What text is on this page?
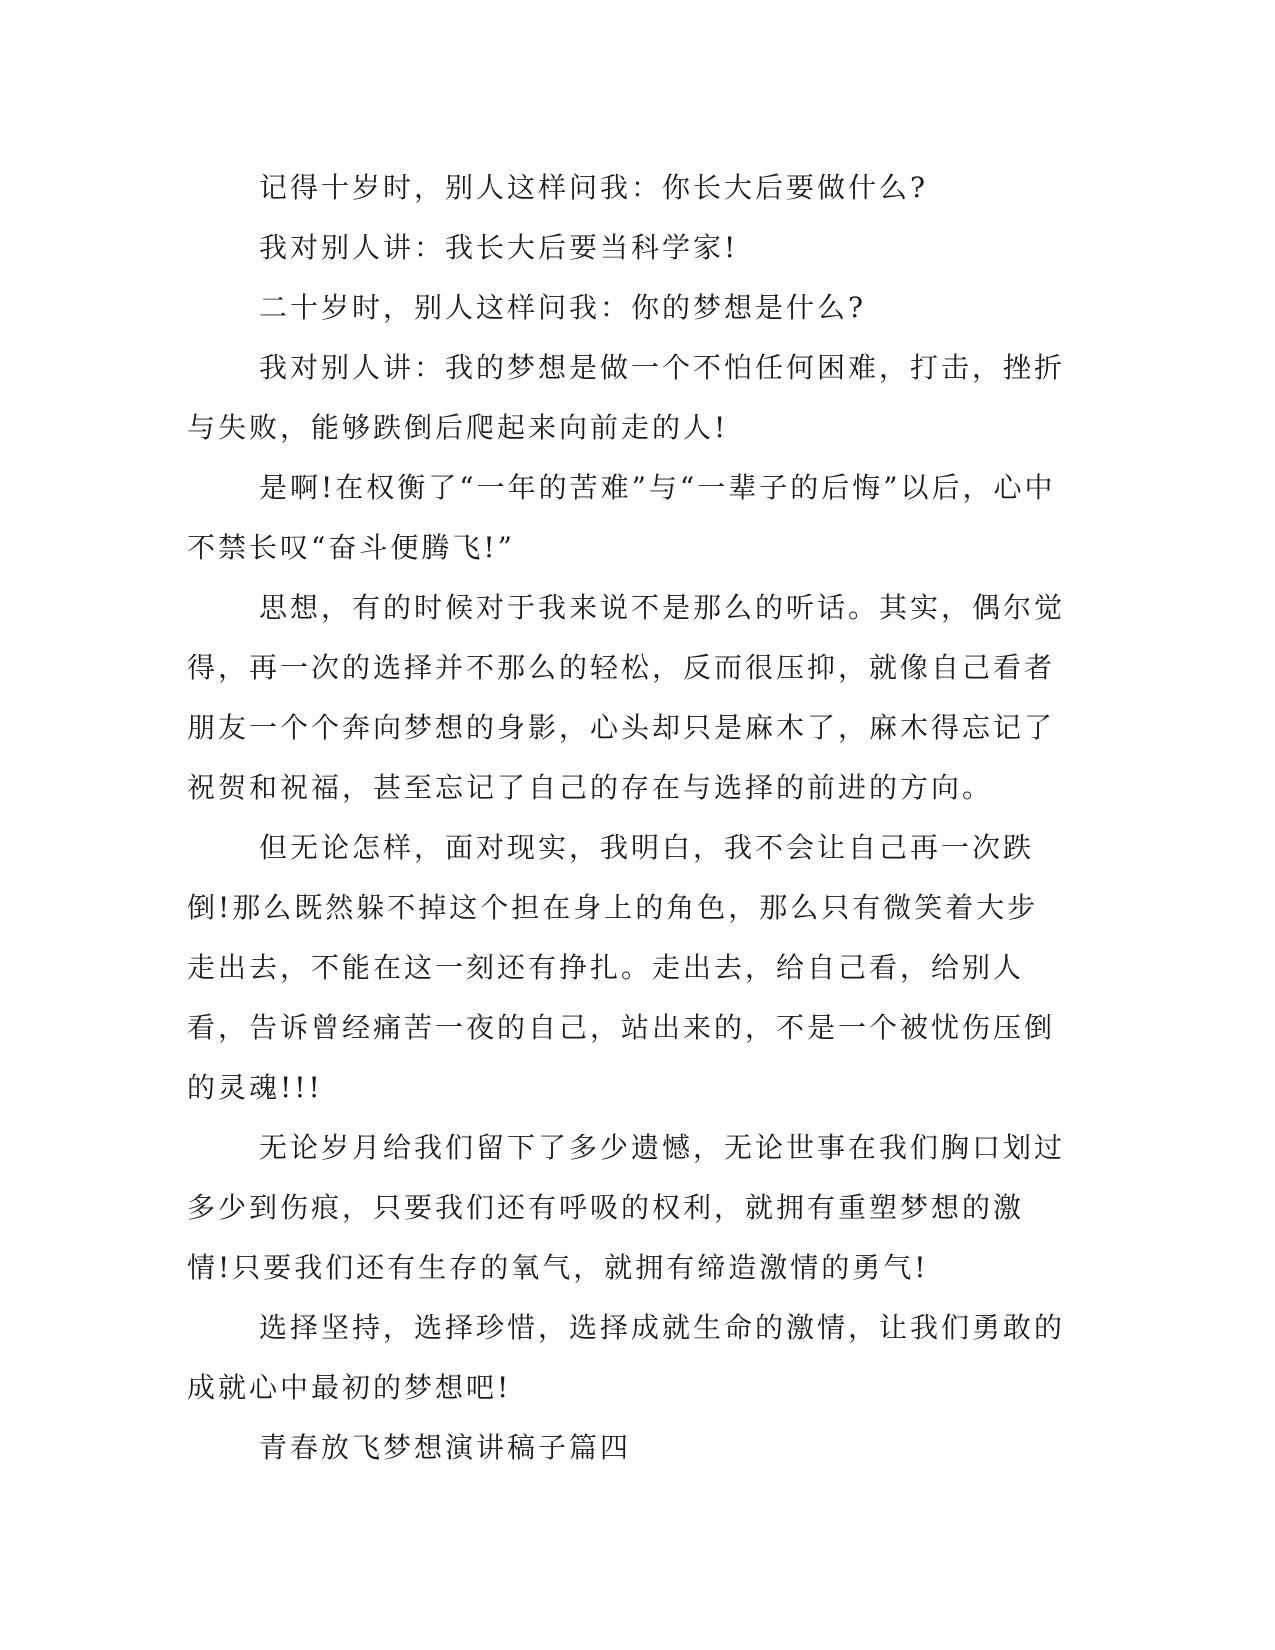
记得十岁时，别人这样问我：你长大后要做什么?

我对别人讲：我长大后要当科学家!

二十岁时，别人这样问我：你的梦想是什么?

我对别人讲：我的梦想是做一个不怕任何困难，打击，挫折与失败，能够跌倒后爬起来向前走的人!

是啊!在权衡了“一年的苦难”与“一辈子的后悔”以后，心中不禁长叹“奋斗便腾飞!”

思想，有的时候对于我来说不是那么的听话。其实，偶尔觉得，再一次的选择并不那么的轻松，反而很压抑，就像自己看者朋友一个个奔向梦想的身影，心头却只是麻木了，麻木得忘记了祝贺和祝福，甚至忘记了自己的存在与选择的前进的方向。

但无论怎样，面对现实，我明白，我不会让自己再一次跌倒!那么既然躲不掉这个担在身上的角色，那么只有微笑着大步走出去，不能在这一刻还有挣扎。走出去，给自己看，给别人看，告诉曾经痛苦一夜的自己，站出来的，不是一个被忧伤压倒的灵魂!!!

无论岁月给我们留下了多少遗憾，无论世事在我们胸口划过多少到伤痕，只要我们还有呼吸的权利，就拥有重塑梦想的激情!只要我们还有生存的氧气，就拥有缔造激情的勇气!

选择坚持，选择珍惜，选择成就生命的激情，让我们勇敢的成就心中最初的梦想吧!

青春放飞梦想演讲稿子篇四
